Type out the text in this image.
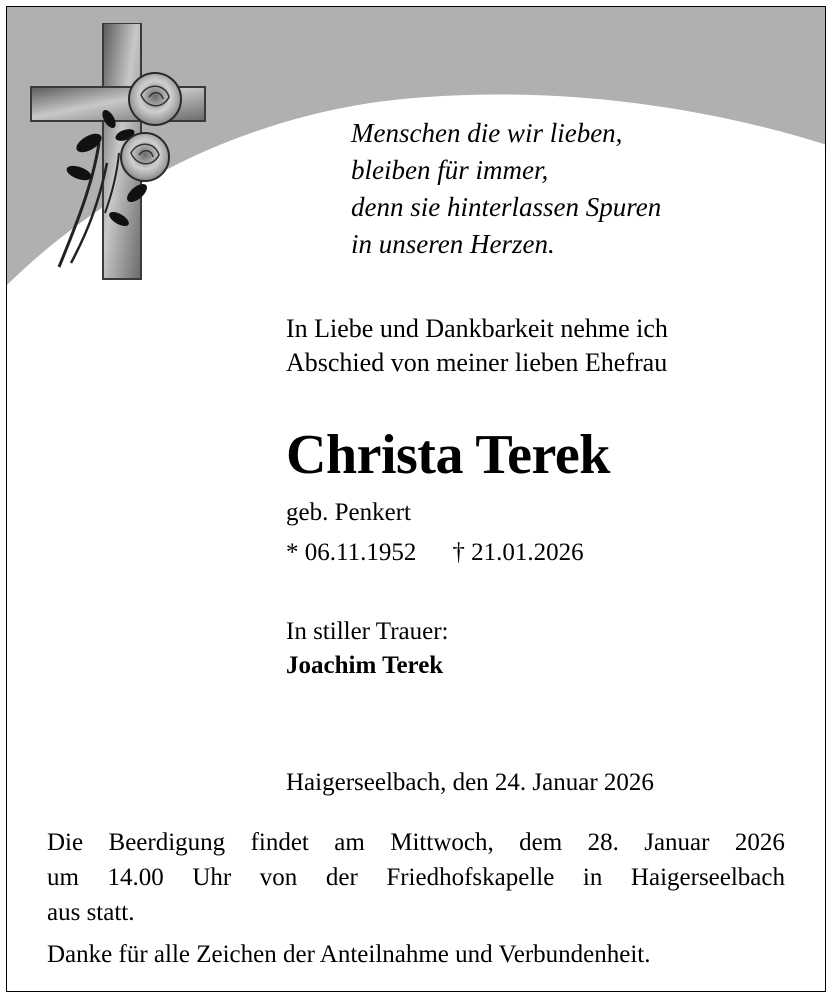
Menschen die wir lieben,
bleiben für immer,
denn sie hinterlassen Spuren
in unseren Herzen.
In Liebe und Dankbarkeit nehme ich
Abschied von meiner lieben Ehefrau
Christa Terek
geb. Penkert
* 06.11.1952 † 21.01.2026
In stiller Trauer:
Joachim Terek
Haigerseelbach, den 24. Januar 2026
Die Beerdigung findet am Mittwoch, dem 28. Januar 2026
um 14.00 Uhr von der Friedhofskapelle in Haigerseelbach
aus statt.
Danke für alle Zeichen der Anteilnahme und Verbundenheit.
